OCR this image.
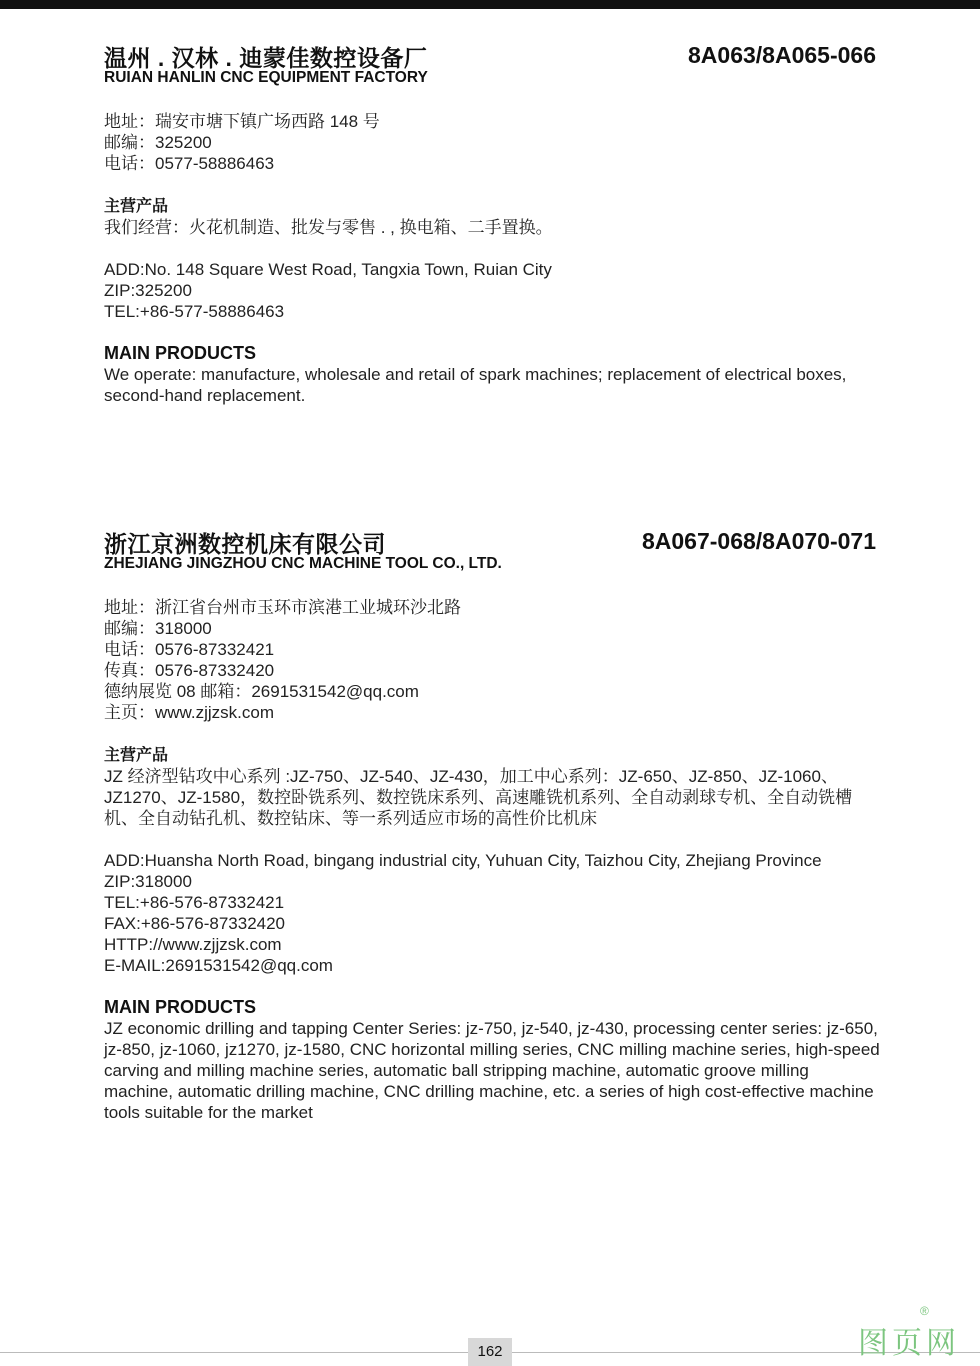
温州 . 汉林 . 迪蒙佳数控设备厂
RUIAN HANLIN CNC EQUIPMENT FACTORY
8A063/8A065-066
地址：瑞安市塘下镇广场西路 148 号
邮编：325200
电话：0577-58886463
主营产品
我们经营：火花机制造、批发与零售 . , 换电箱、二手置换。
ADD:No. 148 Square West Road, Tangxia Town, Ruian City
ZIP:325200
TEL:+86-577-58886463
MAIN PRODUCTS
We operate: manufacture, wholesale and retail of spark machines; replacement of electrical boxes, second-hand replacement.
浙江京洲数控机床有限公司
ZHEJIANG JINGZHOU CNC MACHINE TOOL CO., LTD.
8A067-068/8A070-071
地址：浙江省台州市玉环市滨港工业城环沙北路
邮编：318000
电话：0576-87332421
传真：0576-87332420
德纳展览 08 邮箱：2691531542@qq.com
主页：www.zjjzsk.com
主营产品
JZ 经济型钻攻中心系列 :JZ-750、JZ-540、JZ-430，加工中心系列：JZ-650、JZ-850、JZ-1060、JZ1270、JZ-1580，数控卧铣系列、数控铣床系列、高速雕铣机系列、全自动剥球专机、全自动铣槽机、全自动钻孔机、数控钻床、等一系列适应市场的高性价比机床
ADD:Huansha North Road, bingang industrial city, Yuhuan City, Taizhou City, Zhejiang Province
ZIP:318000
TEL:+86-576-87332421
FAX:+86-576-87332420
HTTP://www.zjjzsk.com
E-MAIL:2691531542@qq.com
MAIN PRODUCTS
JZ economic drilling and tapping Center Series: jz-750, jz-540, jz-430, processing center series: jz-650, jz-850, jz-1060, jz1270, jz-1580, CNC horizontal milling series, CNC milling machine series, high-speed carving and milling machine series, automatic ball stripping machine, automatic groove milling machine, automatic drilling machine, CNC drilling machine, etc. a series of high cost-effective machine tools suitable for the market
162	图页网
®
